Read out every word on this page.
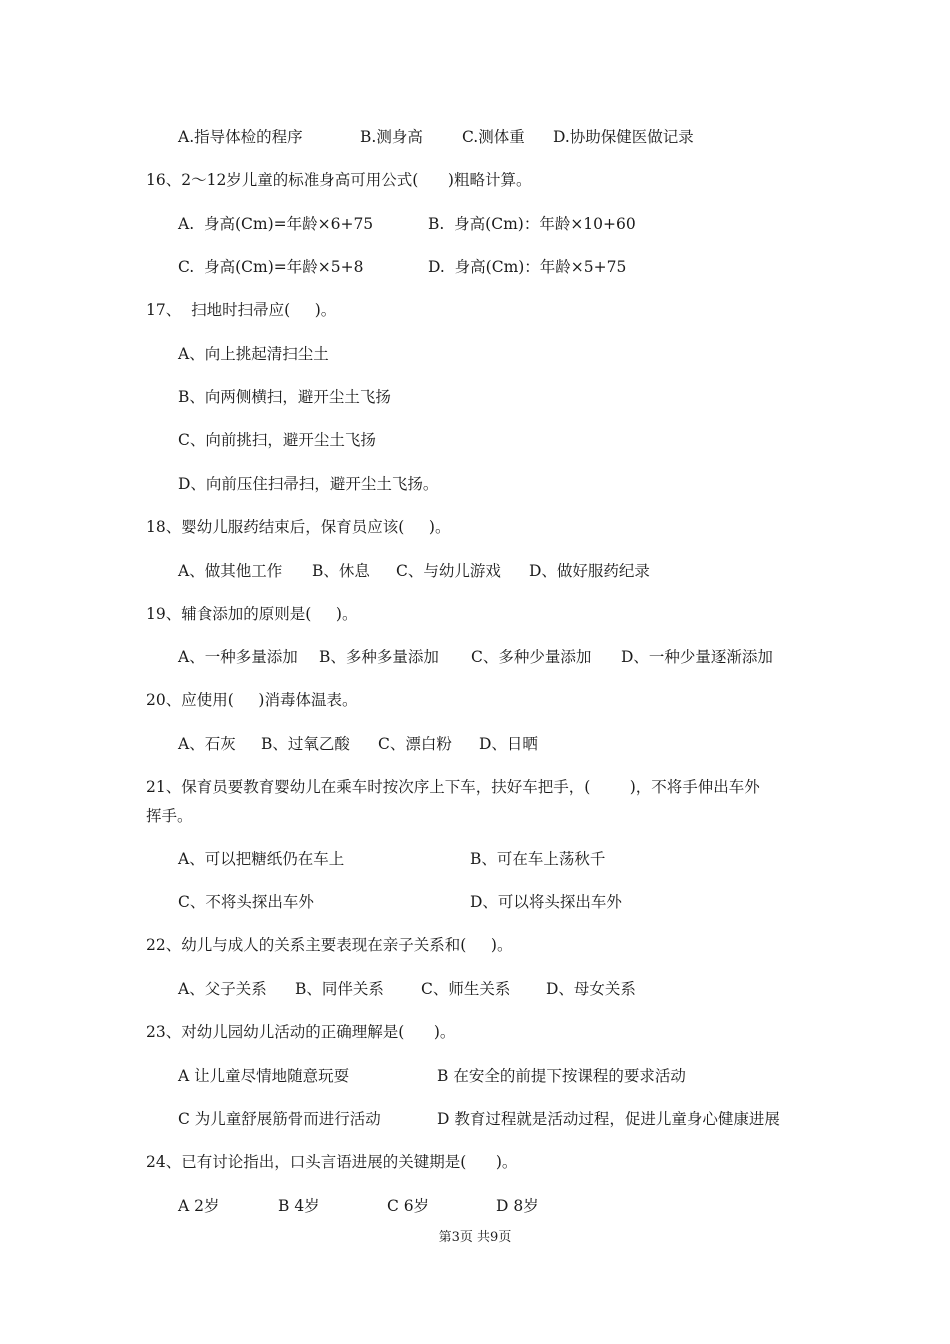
A.指导体检的程序	B.测身高	C.测体重 D.协助保健医做记录
16、2～12岁儿童的标准身高可用公式(      )粗略计算。
A.  身高(Cm)=年龄×6+75	B.  身高(Cm)：年龄×10+60
C.  身高(Cm)=年龄×5+8	D.  身高(Cm)：年龄×5+75
17、  扫地时扫帚应(     )。
A、向上挑起清扫尘土
B、向两侧横扫，避开尘土飞扬
C、向前挑扫，避开尘土飞扬
D、向前压住扫帚扫，避开尘土飞扬。
18、婴幼儿服药结束后，保育员应该(     )。
A、做其他工作 B、休息 C、与幼儿游戏 D、做好服药纪录
19、辅食添加的原则是(     )。
A、一种多量添加 B、多种多量添加 C、多种少量添加 D、一种少量逐渐添加
20、应使用(     )消毒体温表。
A、石灰 B、过氧乙酸 C、漂白粉 D、日晒
21、保育员要教育婴幼儿在乘车时按次序上下车，扶好车把手，(        )，不将手伸出车外
挥手。
A、可以把糖纸仍在车上	B、可在车上荡秋千
C、不将头探出车外	D、可以将头探出车外
22、幼儿与成人的关系主要表现在亲子关系和(     )。
A、父子关系 B、同伴关系 C、师生关系 D、母女关系
23、对幼儿园幼儿活动的正确理解是(      )。
A 让儿童尽情地随意玩耍	B 在安全的前提下按课程的要求活动
C 为儿童舒展筋骨而进行活动	D 教育过程就是活动过程，促进儿童身心健康进展
24、已有讨论指出，口头言语进展的关键期是(      )。
A 2岁	B 4岁	C 6岁	D 8岁
第3页 共9页
